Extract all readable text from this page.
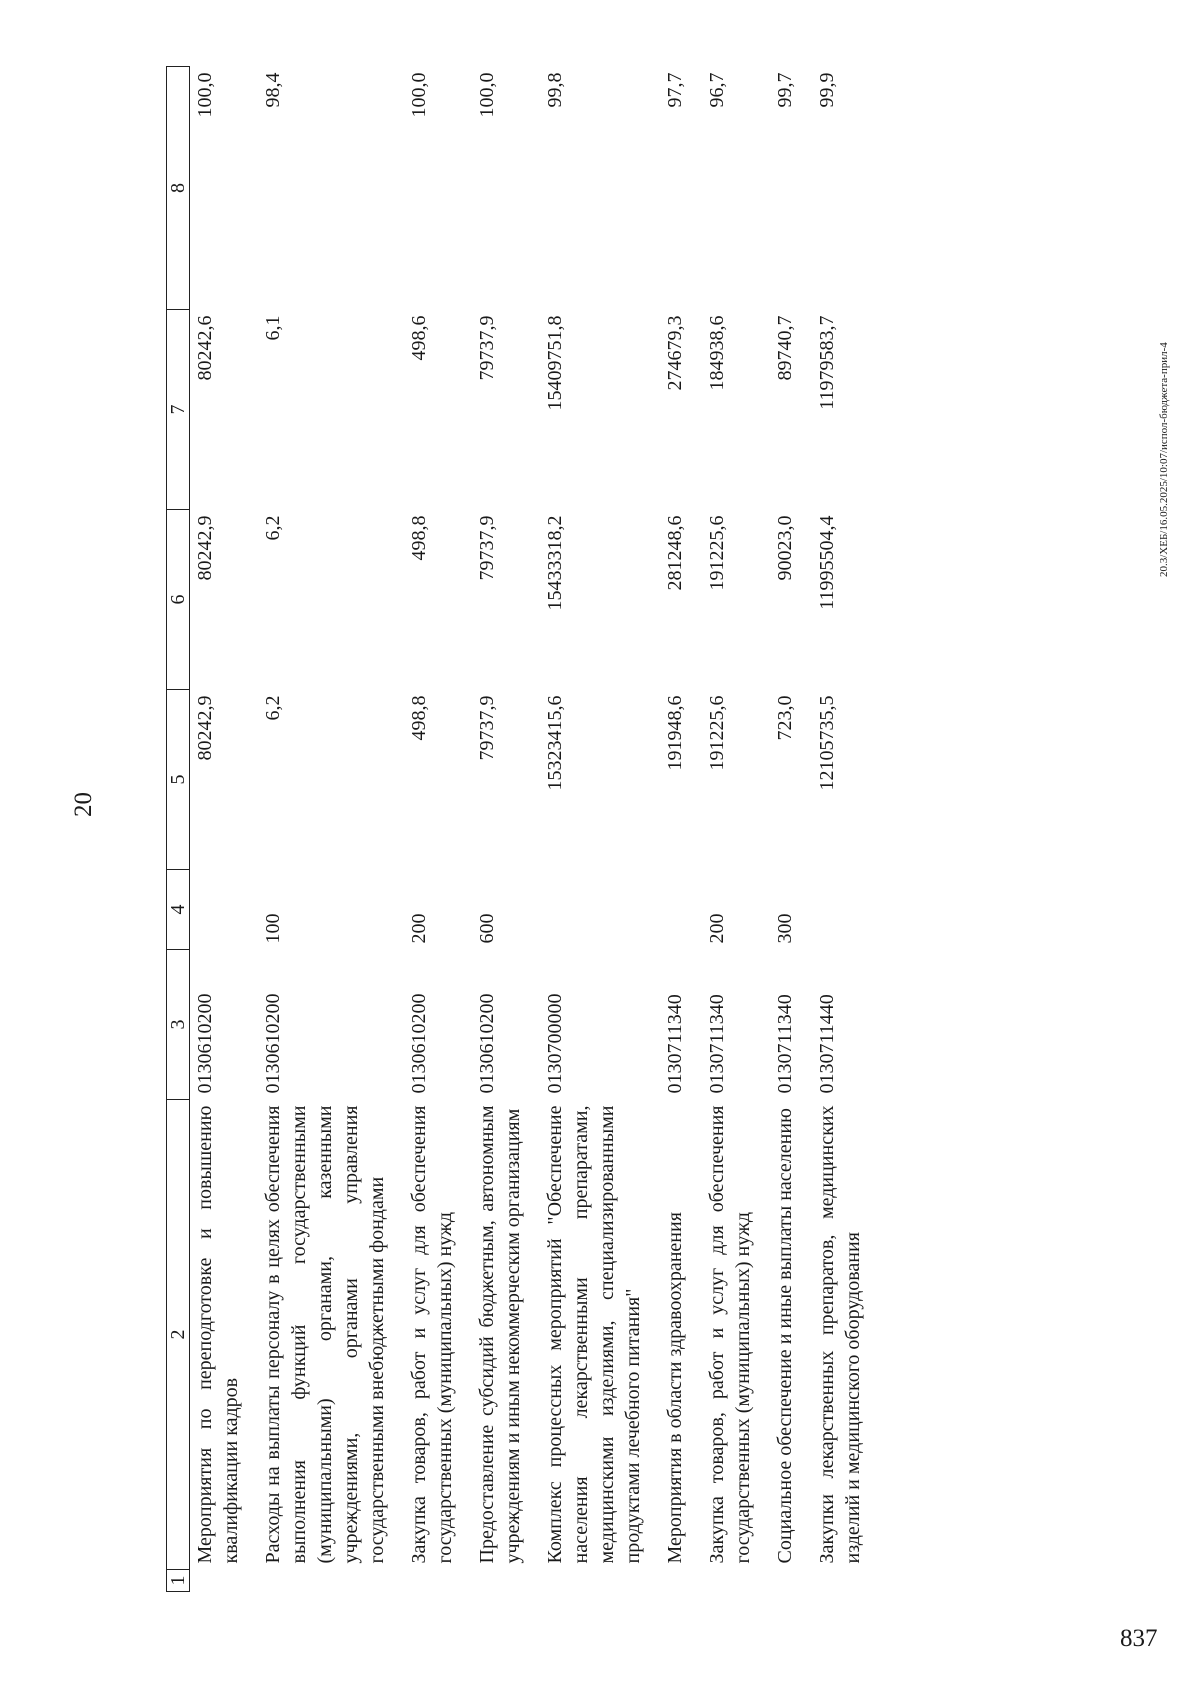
20
1	2	3	4	5	6	7	8
	Мероприятия по переподготовке и повышению квалификации кадров	0130610200		80242,9	80242,9	80242,6	100,0
	Расходы на выплаты персоналу в целях обеспечения выполнения функций государственными (муниципальными) органами, казенными учреждениями, органами управления государственными внебюджетными фондами	0130610200	100	6,2	6,2	6,1	98,4
	Закупка товаров, работ и услуг для обеспечения государственных (муниципальных) нужд	0130610200	200	498,8	498,8	498,6	100,0
	Предоставление субсидий бюджетным, автономным учреждениям и иным некоммерческим организациям	0130610200	600	79737,9	79737,9	79737,9	100,0
	Комплекс процессных мероприятий "Обеспечение населения лекарственными препаратами, медицинскими изделиями, специализированными продуктами лечебного питания"	0130700000		15323415,6	15433318,2	15409751,8	99,8
	Мероприятия в области здравоохранения	0130711340		191948,6	281248,6	274679,3	97,7
	Закупка товаров, работ и услуг для обеспечения государственных (муниципальных) нужд	0130711340	200	191225,6	191225,6	184938,6	96,7
	Социальное обеспечение и иные выплаты населению	0130711340	300	723,0	90023,0	89740,7	99,7
	Закупки лекарственных препаратов, медицинских изделий и медицинского оборудования	0130711440		12105735,5	11995504,4	11979583,7	99,9
20.3/ХЕБ/16.05.2025/10:07/испол-бюджета-прил-4
837
